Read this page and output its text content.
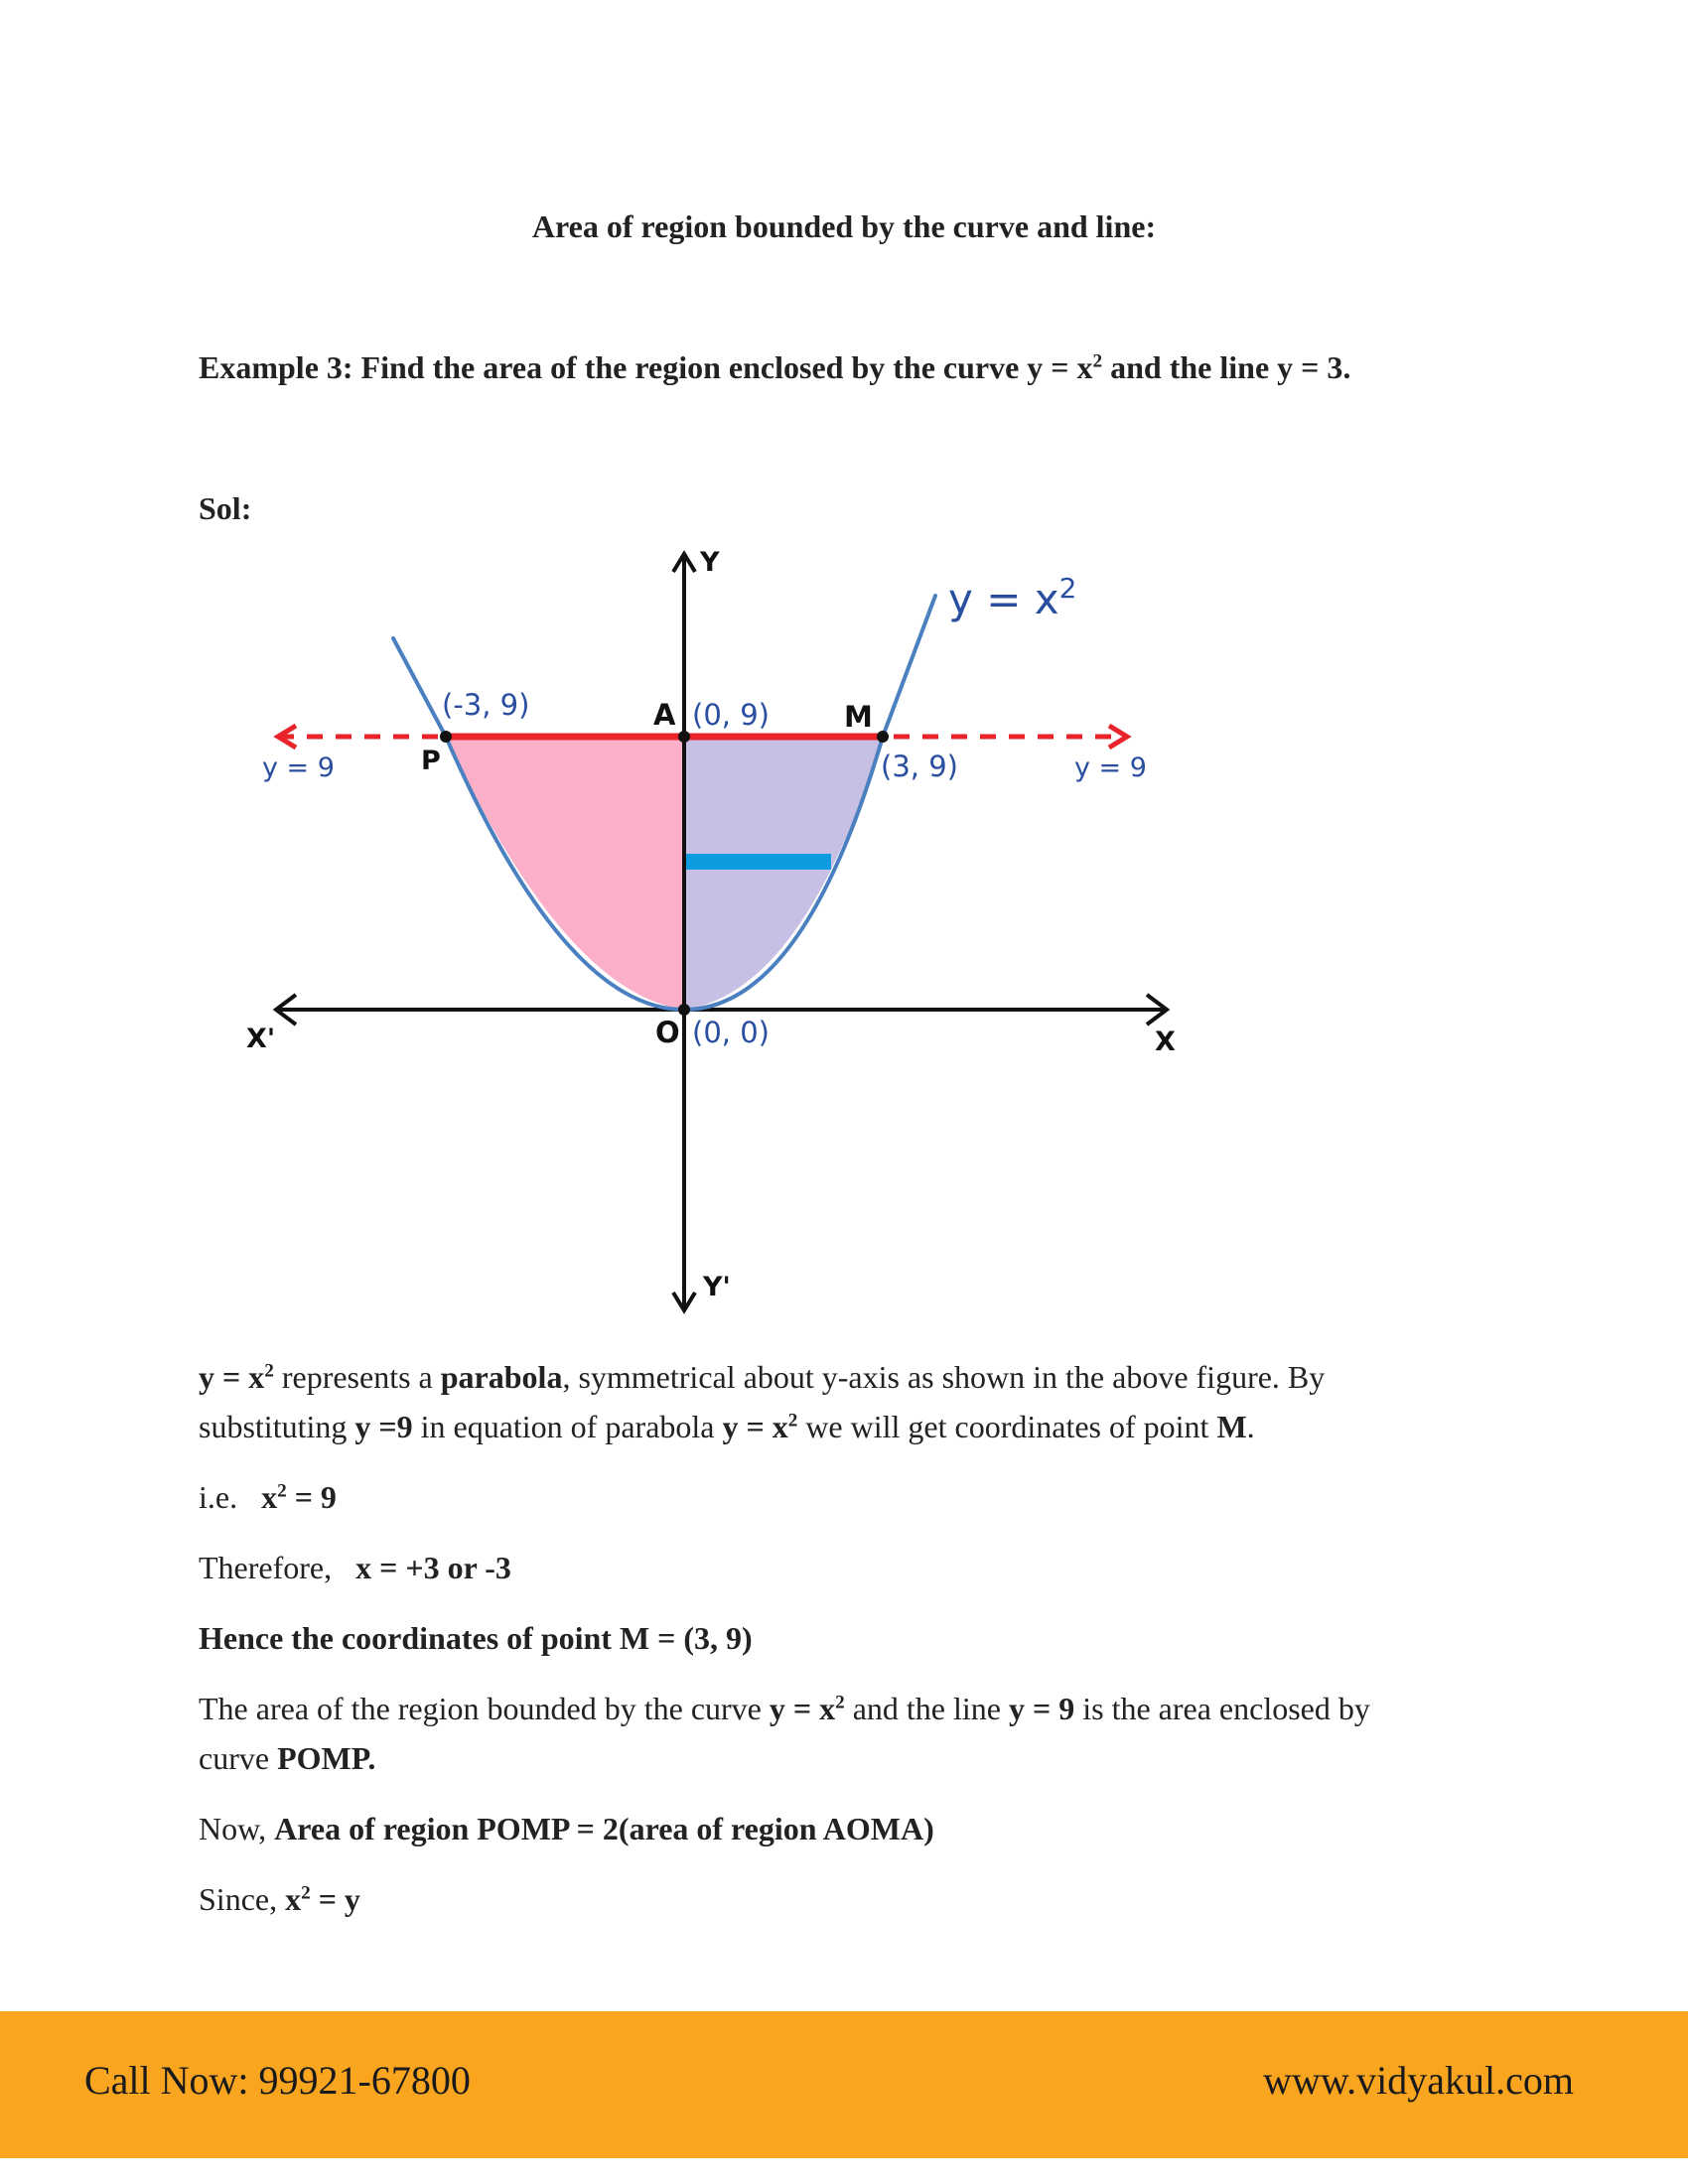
Area of region bounded by the curve and line:
Example 3: Find the area of the region enclosed by the curve $y = x^2$ and the line y = 3.
Sol:
Y
Y'
X
X'
$y = x^2$
y = 9	y = 9
P
(-3, 9)	A (0, 9)	M
(3, 9)
O (0, 0)
$y = x^2$ represents a parabola, symmetrical about y-axis as shown in the above figure. By
substituting y =9 in equation of parabola $y = x^2$ we will get coordinates of point M.
i.e.   $x^2 = 9$
Therefore,   x = +3 or -3
Hence the coordinates of point M = (3, 9)
The area of the region bounded by the curve $y = x^2$ and the line y = 9 is the area enclosed by
curve POMP.
Now, Area of region POMP = 2(area of region AOMA)
Since, $x^2 = y$
Call Now: 99921-67800	www.vidyakul.com
